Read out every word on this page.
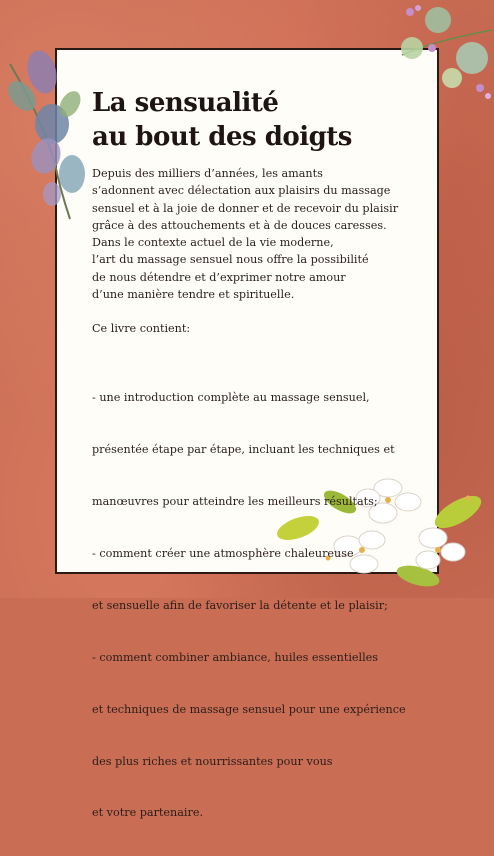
La sensualité
au bout des doigts
Depuis des milliers d’années, les amants
s’adonnent avec délectation aux plaisirs du massage
sensuel et à la joie de donner et de recevoir du plaisir
grâce à des attouchements et à de douces caresses.
Dans le contexte actuel de la vie moderne,
l’art du massage sensuel nous offre la possibilité
de nous détendre et d’exprimer notre amour
d’une manière tendre et spirituelle.
Ce livre contient:

- une introduction complète au massage sensuel,

présentée étape par étape, incluant les techniques et

manœuvres pour atteindre les meilleurs résultats;

- comment créer une atmosphère chaleureuse

et sensuelle afin de favoriser la détente et le plaisir;

- comment combiner ambiance, huiles essentielles

et techniques de massage sensuel pour une expérience

des plus riches et nourrissantes pour vous

et votre partenaire.
